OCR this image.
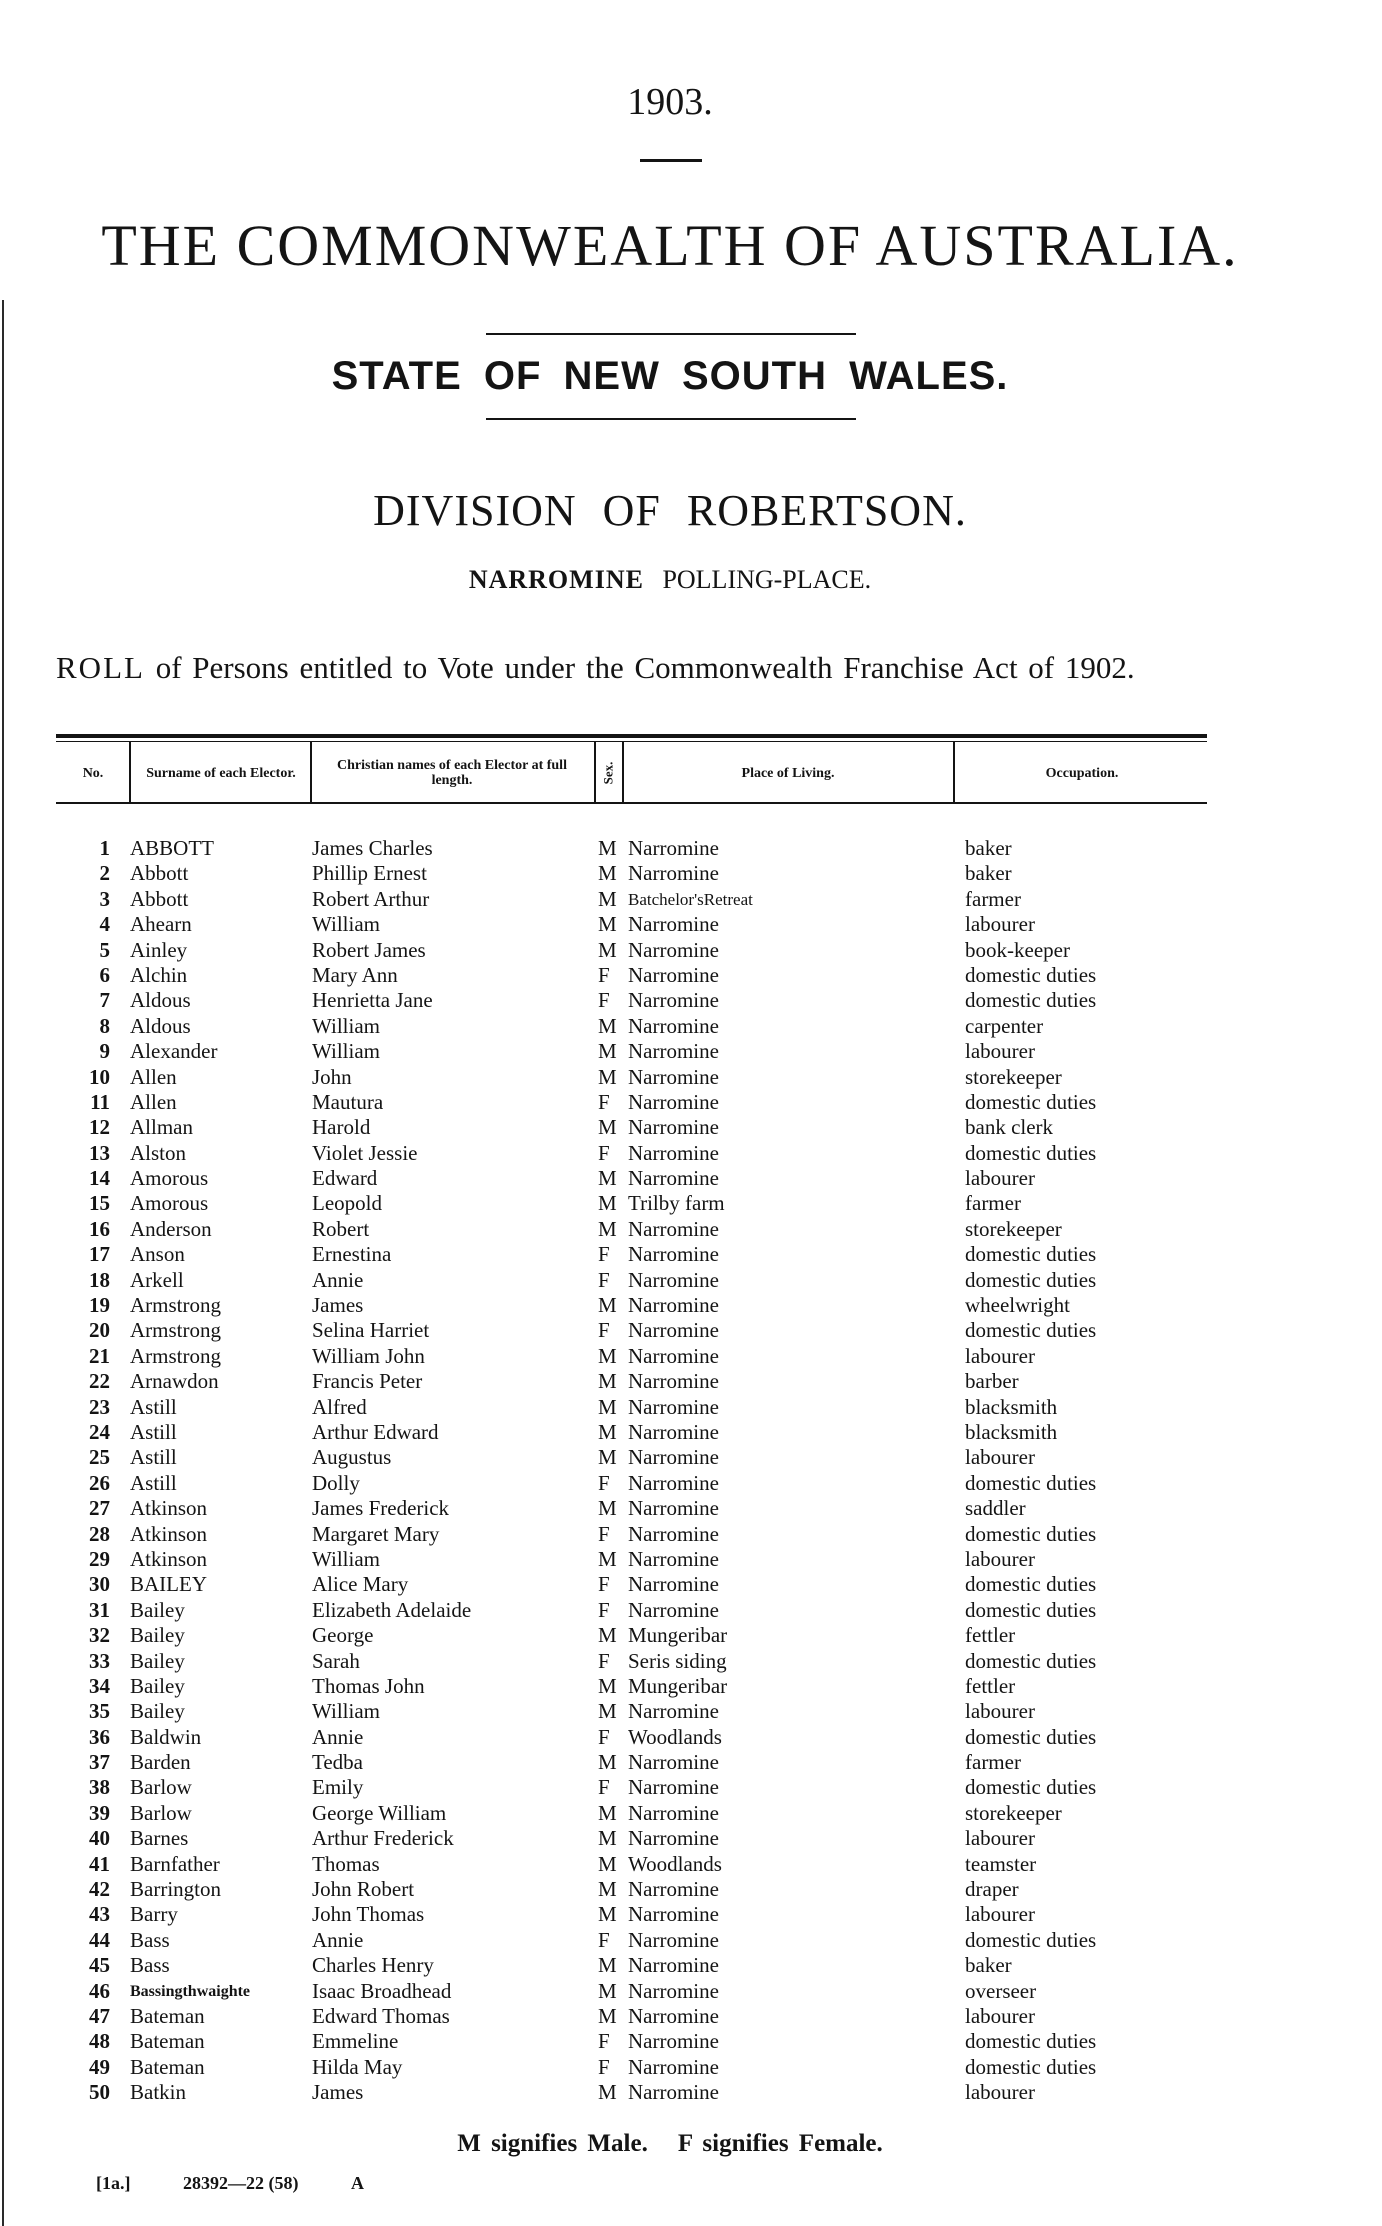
1903.
THE COMMONWEALTH OF AUSTRALIA.
STATE OF NEW SOUTH WALES.
DIVISION OF ROBERTSON.
NARROMINE POLLING-PLACE.
ROLL of Persons entitled to Vote under the Commonwealth Franchise Act of 1902.
No.	Surname of each Elector.	Christian names of each Elector at full length.	Sex.	Place of Living.	Occupation.
1 ABBOTT	James Charles	M Narromine	baker
2 Abbott	Phillip Ernest	M Narromine	baker
3 Abbott	Robert Arthur	M Batchelor'sRetreat	farmer
4 Ahearn	William	M Narromine	labourer
5 Ainley	Robert James	M Narromine	book-keeper
6 Alchin	Mary Ann	F Narromine	domestic duties
7 Aldous	Henrietta Jane	F Narromine	domestic duties
8 Aldous	William	M Narromine	carpenter
9 Alexander	William	M Narromine	labourer
10 Allen	John	M Narromine	storekeeper
11 Allen	Mautura	F Narromine	domestic duties
12 Allman	Harold	M Narromine	bank clerk
13 Alston	Violet Jessie	F Narromine	domestic duties
14 Amorous	Edward	M Narromine	labourer
15 Amorous	Leopold	M Trilby farm	farmer
16 Anderson	Robert	M Narromine	storekeeper
17 Anson	Ernestina	F Narromine	domestic duties
18 Arkell	Annie	F Narromine	domestic duties
19 Armstrong	James	M Narromine	wheelwright
20 Armstrong	Selina Harriet	F Narromine	domestic duties
21 Armstrong	William John	M Narromine	labourer
22 Arnawdon	Francis Peter	M Narromine	barber
23 Astill	Alfred	M Narromine	blacksmith
24 Astill	Arthur Edward	M Narromine	blacksmith
25 Astill	Augustus	M Narromine	labourer
26 Astill	Dolly	F Narromine	domestic duties
27 Atkinson	James Frederick	M Narromine	saddler
28 Atkinson	Margaret Mary	F Narromine	domestic duties
29 Atkinson	William	M Narromine	labourer
30 BAILEY	Alice Mary	F Narromine	domestic duties
31 Bailey	Elizabeth Adelaide	F Narromine	domestic duties
32 Bailey	George	M Mungeribar	fettler
33 Bailey	Sarah	F Seris siding	domestic duties
34 Bailey	Thomas John	M Mungeribar	fettler
35 Bailey	William	M Narromine	labourer
36 Baldwin	Annie	F Woodlands	domestic duties
37 Barden	Tedba	M Narromine	farmer
38 Barlow	Emily	F Narromine	domestic duties
39 Barlow	George William	M Narromine	storekeeper
40 Barnes	Arthur Frederick	M Narromine	labourer
41 Barnfather	Thomas	M Woodlands	teamster
42 Barrington	John Robert	M Narromine	draper
43 Barry	John Thomas	M Narromine	labourer
44 Bass	Annie	F Narromine	domestic duties
45 Bass	Charles Henry	M Narromine	baker
46 Bassingthwaighte	Isaac Broadhead	M Narromine	overseer
47 Bateman	Edward Thomas	M Narromine	labourer
48 Bateman	Emmeline	F Narromine	domestic duties
49 Bateman	Hilda May	F Narromine	domestic duties
50 Batkin	James	M Narromine	labourer
M signifies Male. F signifies Female.
[1a.]	28392—22 (58)	A
